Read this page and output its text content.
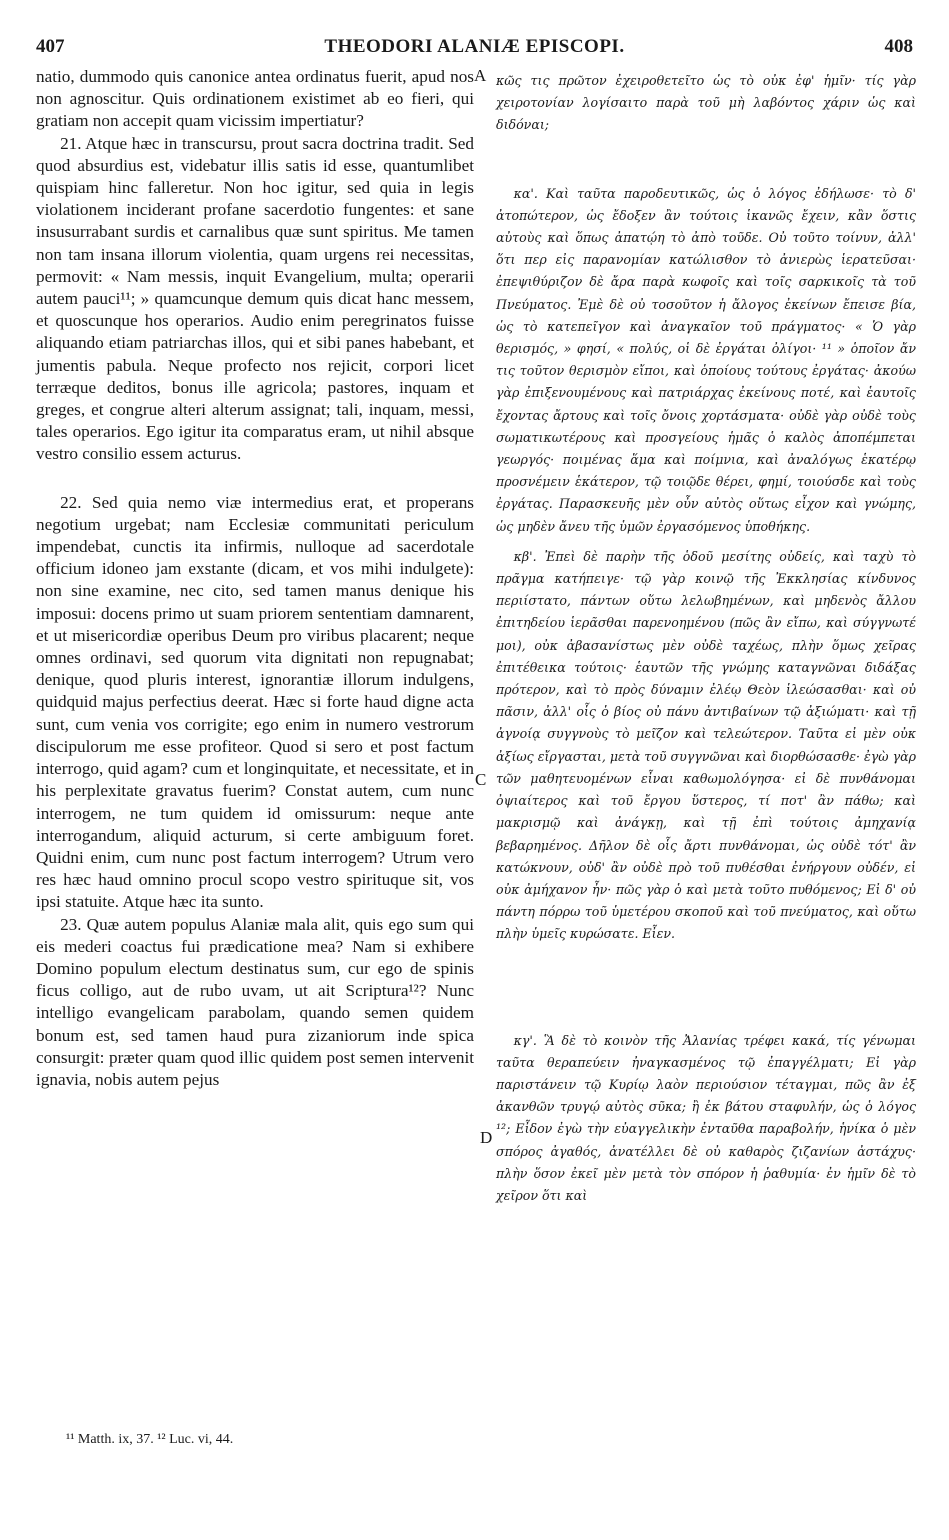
407	THEODORI ALANIÆ EPISCOPI.	408
A
C
D

natio, dummodo quis canonice antea ordinatus fuerit, apud nos non agnoscitur. Quis ordinationem existimet ab eo fieri, qui gratiam non accepit quam vicissim impertiatur?

21. Atque hæc in transcursu, prout sacra doctrina tradit. Sed quod absurdius est, videbatur illis satis id esse, quantumlibet quispiam hinc falleretur. Non hoc igitur, sed quia in legis violationem inciderant profane sacerdotio fungentes: et sane insusurrabant surdis et carnalibus quæ sunt spiritus. Me tamen non tam insana illorum violentia, quam urgens rei necessitas, permovit: « Nam messis, inquit Evangelium, multa; operarii autem pauci¹¹; » quamcunque demum quis dicat hanc messem, et quoscunque hos operarios. Audio enim peregrinatos fuisse aliquando etiam patriarchas illos, qui et sibi panes habebant, et jumentis pabula. Neque profecto nos rejicit, corpori licet terræque deditos, bonus ille agricola; pastores, inquam et greges, et congrue alteri alterum assignat; tali, inquam, messi, tales operarios. Ego igitur ita comparatus eram, ut nihil absque vestro consilio essem acturus.

22. Sed quia nemo viæ intermedius erat, et properans negotium urgebat; nam Ecclesiæ communitati periculum impendebat, cunctis ita infirmis, nulloque ad sacerdotale officium idoneo jam exstante (dicam, et vos mihi indulgete): non sine examine, nec cito, sed tamen manus denique his imposui: docens primo ut suam priorem sententiam damnarent, et ut misericordiæ operibus Deum pro viribus placarent; neque omnes ordinavi, sed quorum vita dignitati non repugnabat; denique, quod pluris interest, ignorantiæ illorum indulgens, quidquid majus perfectius deerat. Hæc si forte haud digne acta sunt, cum venia vos corrigite; ego enim in numero vestrorum discipulorum me esse profiteor. Quod si sero et post factum interrogo, quid agam? cum et longinquitate, et necessitate, et in his perplexitate gravatus fuerim? Constat autem, cum nunc interrogem, ne tum quidem id omissurum: neque ante interrogandum, aliquid acturum, si certe ambiguum foret. Quidni enim, cum nunc post factum interrogem? Utrum vero res hæc haud omnino procul scopo vestro spirituque sit, vos ipsi statuite. Atque hæc ita sunto.

23. Quæ autem populus Alaniæ mala alit, quis ego sum qui eis mederi coactus fui prædicatione mea? Nam si exhibere Domino populum electum destinatus sum, cur ego de spinis ficus colligo, aut de rubo uvam, ut ait Scriptura¹²? Nunc intelligo evangelicam parabolam, quando semen quidem bonum est, sed tamen haud pura zizaniorum inde spica consurgit: præter quam quod illic quidem post semen intervenit ignavia, nobis autem pejus

κῶς τις πρῶτον ἐχειροθετεῖτο ὡς τὸ οὐκ ἐφ' ἡμῖν· τίς γὰρ χειροτονίαν λογίσαιτο παρὰ τοῦ μὴ λαβόντος χάριν ὡς καὶ διδόναι;

κα'. Καὶ ταῦτα παροδευτικῶς, ὡς ὁ λόγος ἐδήλωσε· τὸ δ' ἀτοπώτερον, ὡς ἔδοξεν ἂν τούτοις ἱκανῶς ἔχειν, κἂν ὅστις αὐτοὺς καὶ ὅπως ἀπατῴη τὸ ἀπὸ τοῦδε. Οὐ τοῦτο τοίνυν, ἀλλ' ὅτι περ εἰς παρανομίαν κατώλισθον τὸ ἀνιερὼς ἱερατεῦσαι· ἐπεψιθύριζον δὲ ἄρα παρὰ κωφοῖς καὶ τοῖς σαρκικοῖς τὰ τοῦ Πνεύματος. Ἐμὲ δὲ οὐ τοσοῦτον ἡ ἄλογος ἐκείνων ἔπεισε βία, ὡς τὸ κατεπεῖγον καὶ ἀναγκαῖον τοῦ πράγματος· « Ὁ γὰρ θερισμός, » φησί, « πολύς, οἱ δὲ ἐργάται ὀλίγοι· ¹¹ » ὁποῖον ἄν τις τοῦτον θερισμὸν εἴποι, καὶ ὁποίους τούτους ἐργάτας· ἀκούω γὰρ ἐπιξενουμένους καὶ πατριάρχας ἐκείνους ποτέ, καὶ ἑαυτοῖς ἔχοντας ἄρτους καὶ τοῖς ὄνοις χορτάσματα· οὐδὲ γὰρ οὐδὲ τοὺς σωματικωτέρους καὶ προσγείους ἡμᾶς ὁ καλὸς ἀποπέμπεται γεωργός· ποιμένας ἅμα καὶ ποίμνια, καὶ ἀναλόγως ἑκατέρῳ προσνέμειν ἑκάτερον, τῷ τοιῷδε θέρει, φημί, τοιούσδε καὶ τοὺς ἐργάτας. Παρασκευῆς μὲν οὖν αὐτὸς οὕτως εἶχον καὶ γνώμης, ὡς μηδὲν ἄνευ τῆς ὑμῶν ἐργασόμενος ὑποθήκης.

κβ'. Ἐπεὶ δὲ παρὴν τῆς ὁδοῦ μεσίτης οὐδείς, καὶ ταχὺ τὸ πρᾶγμα κατήπειγε· τῷ γὰρ κοινῷ τῆς Ἐκκλησίας κίνδυνος περιίστατο, πάντων οὕτω λελωβημένων, καὶ μηδενὸς ἄλλου ἐπιτηδείου ἱερᾶσθαι παρενοημένου (πῶς ἂν εἴπω, καὶ σύγγνωτέ μοι), οὐκ ἀβασανίστως μὲν οὐδὲ ταχέως, πλὴν ὅμως χεῖρας ἐπιτέθεικα τούτοις· ἑαυτῶν τῆς γνώμης καταγνῶναι διδάξας πρότερον, καὶ τὸ πρὸς δύναμιν ἐλέῳ Θεὸν ἱλεώσασθαι· καὶ οὐ πᾶσιν, ἀλλ' οἷς ὁ βίος οὐ πάνυ ἀντιβαίνων τῷ ἀξιώματι· καὶ τῇ ἀγνοίᾳ συγγνοὺς τὸ μεῖζον καὶ τελεώτερον. Ταῦτα εἰ μὲν οὐκ ἀξίως εἴργασται, μετὰ τοῦ συγγνῶναι καὶ διορθώσασθε· ἐγὼ γὰρ τῶν μαθητευομένων εἶναι καθωμολόγησα· εἰ δὲ πυνθάνομαι ὀψιαίτερος καὶ τοῦ ἔργου ὕστερος, τί ποτ' ἂν πάθω; καὶ μακρισμῷ καὶ ἀνάγκῃ, καὶ τῇ ἐπὶ τούτοις ἀμηχανίᾳ βεβαρημένος. Δῆλον δὲ οἷς ἄρτι πυνθάνομαι, ὡς οὐδὲ τότ' ἂν κατώκνουν, οὐδ' ἂν οὐδὲ πρὸ τοῦ πυθέσθαι ἐνήργουν οὐδέν, εἰ οὐκ ἀμήχανον ἦν· πῶς γὰρ ὁ καὶ μετὰ τοῦτο πυθόμενος; Εἰ δ' οὐ πάντη πόρρω τοῦ ὑμετέρου σκοποῦ καὶ τοῦ πνεύματος, καὶ οὕτω πλὴν ὑμεῖς κυρώσατε. Εἶεν.

κγ'. Ἃ δὲ τὸ κοινὸν τῆς Ἀλανίας τρέφει κακά, τίς γένωμαι ταῦτα θεραπεύειν ἠναγκασμένος τῷ ἐπαγγέλματι; Εἰ γὰρ παριστάνειν τῷ Κυρίῳ λαὸν περιούσιον τέταγμαι, πῶς ἂν ἐξ ἀκανθῶν τρυγῴ αὐτὸς σῦκα; ἢ ἐκ βάτου σταφυλήν, ὡς ὁ λόγος ¹²; Εἶδον ἐγὼ τὴν εὐαγγελικὴν ἐνταῦθα παραβολήν, ἡνίκα ὁ μὲν σπόρος ἀγαθός, ἀνατέλλει δὲ οὐ καθαρὸς ζιζανίων ἀστάχυς· πλὴν ὅσον ἐκεῖ μὲν μετὰ τὸν σπόρον ἡ ῥαθυμία· ἐν ἡμῖν δὲ τὸ χεῖρον ὅτι καὶ

¹¹ Matth. ix, 37. ¹² Luc. vi, 44.
